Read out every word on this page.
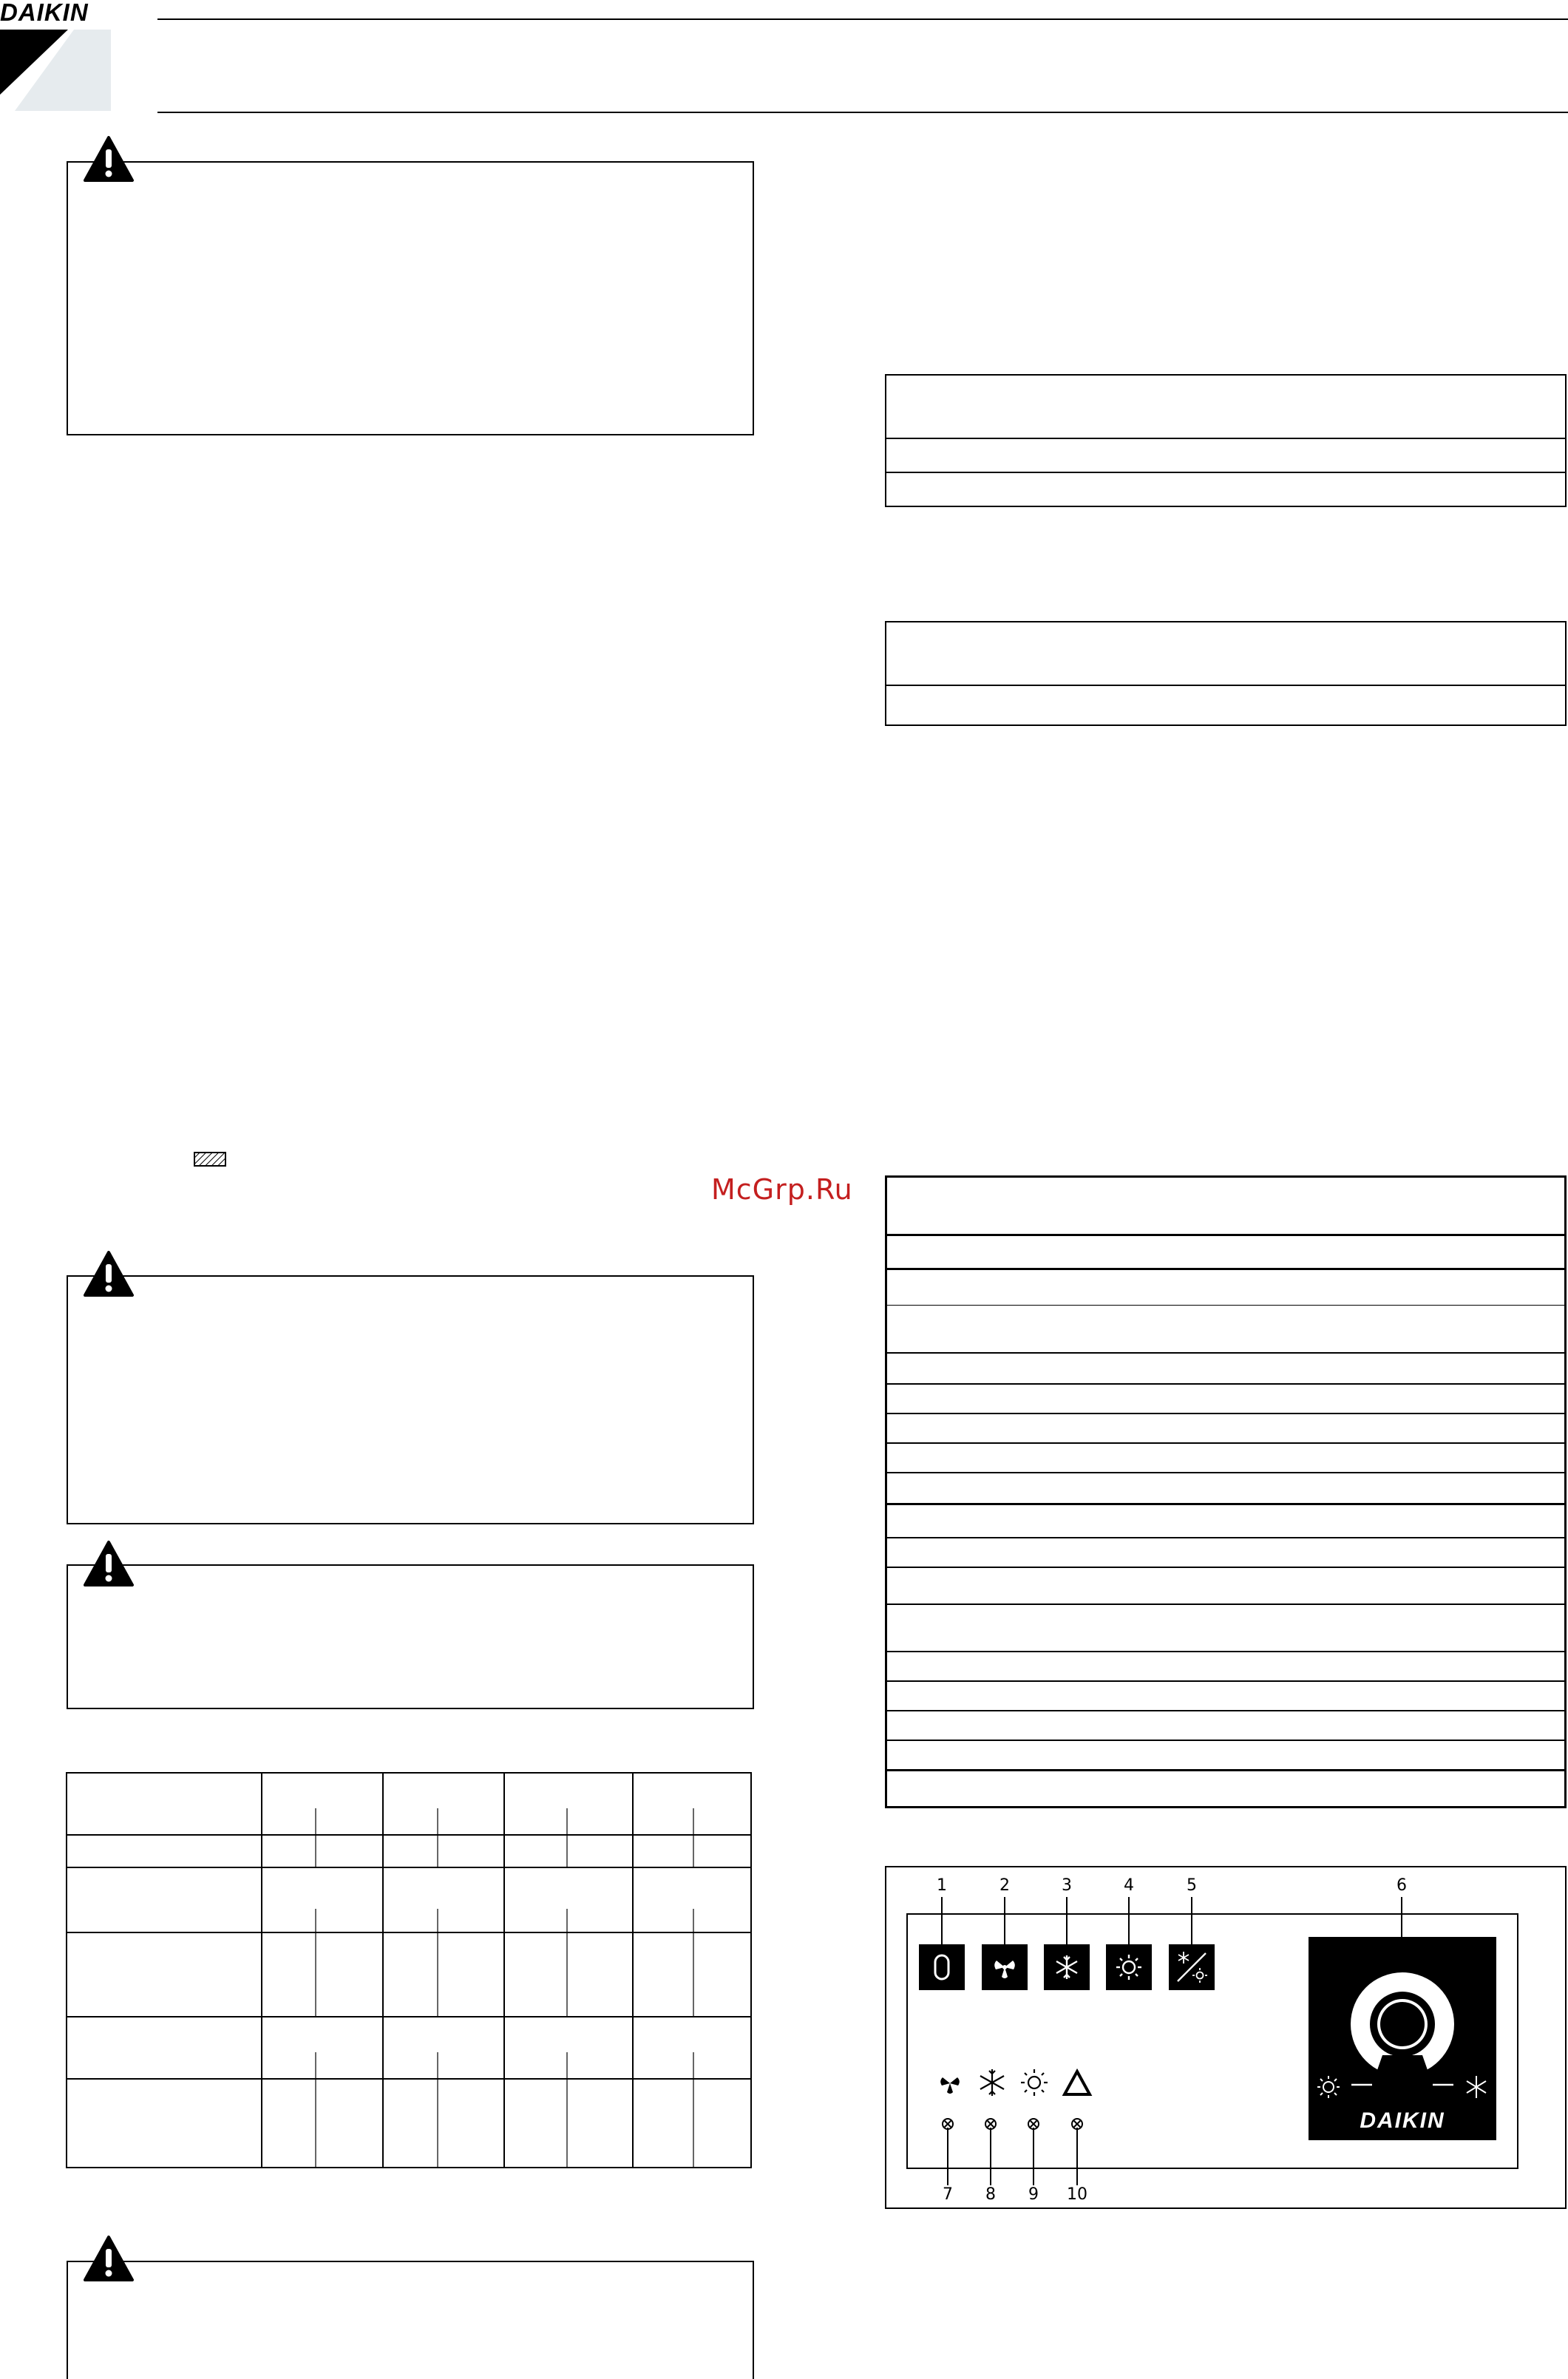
DAIKIN
McGrp.Ru
1	2	3	4	5	6
DAIKIN
7 8 9 10
